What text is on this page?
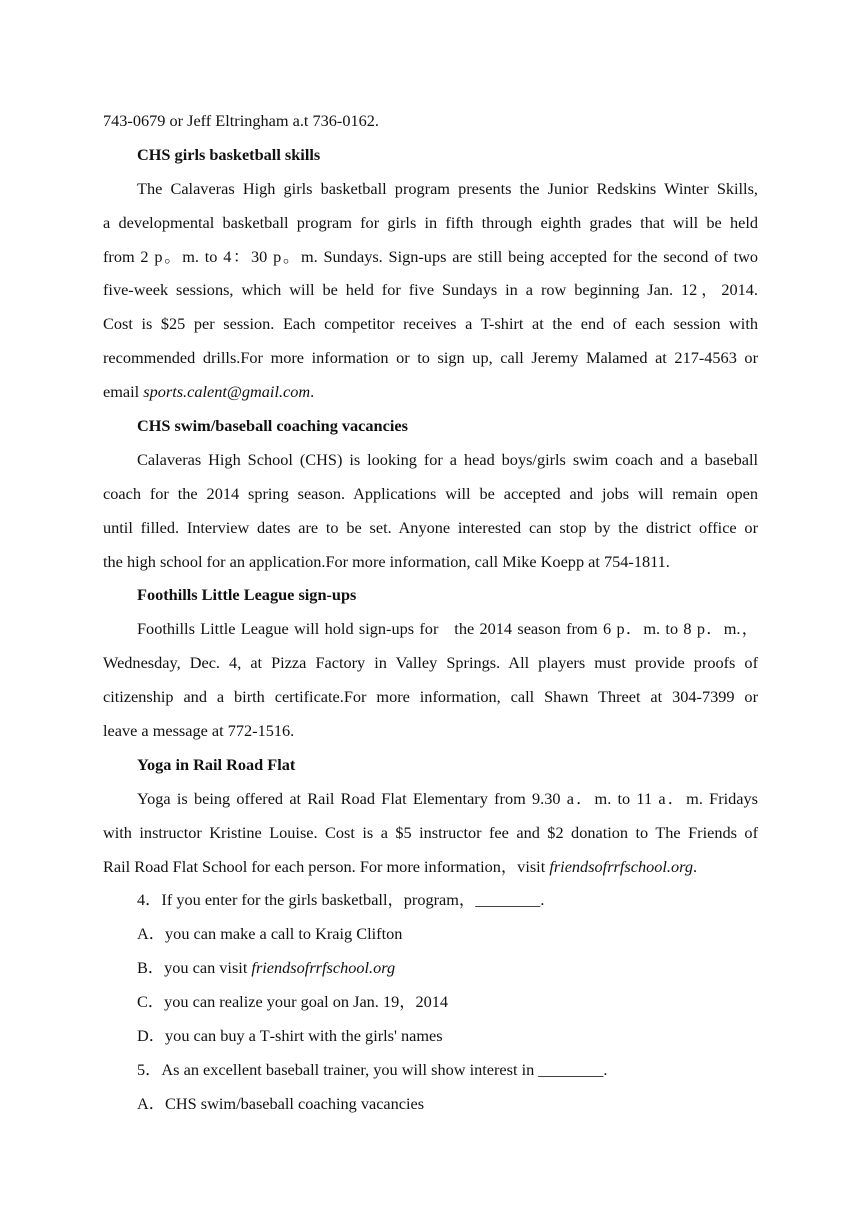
743-0679 or Jeff Eltringham a.t 736-0162.
CHS girls basketball skills
The Calaveras High girls basketball program presents the Junior Redskins Winter Skills,
a developmental basketball program for girls in fifth through eighth grades that will be held
from 2 p。m. to 4：30 p。m. Sundays. Sign-ups are still being accepted for the second of two
five-week sessions, which will be held for five Sundays in a row beginning Jan. 12，2014.
Cost is $25 per session. Each competitor receives a T-shirt at the end of each session with
recommended drills.For more information or to sign up, call Jeremy Malamed at 217-4563 or
email sports.calent@gmail.com.
CHS swim/baseball coaching vacancies
Calaveras High School (CHS) is looking for a head boys/girls swim coach and a baseball
coach for the 2014 spring season. Applications will be accepted and jobs will remain open
until filled. Interview dates are to be set. Anyone interested can stop by the district office or
the high school for an application.For more information, call Mike Koepp at 754-1811.
Foothills Little League sign‐ups
Foothills Little League will hold sign‐ups for   the 2014 season from 6 p．m. to 8 p．m.，
Wednesday, Dec. 4, at Pizza Factory in Valley Springs. All players must provide proofs of
citizenship and a birth certificate.For more information, call Shawn Threet at 304-7399 or
leave a message at 772-1516.
Yoga in Rail Road Flat
Yoga is being offered at Rail Road Flat Elementary from 9.30 a．m. to 11 a．m. Fridays
with instructor Kristine Louise. Cost is a $5 instructor fee and $2 donation to The Friends of
Rail Road Flat School for each person. For more information，visit friendsofrrfschool.org.
4．If you enter for the girls basketball，program，________.
A．you can make a call to Kraig Clifton
B．you can visit friendsofrrfschool.org
C．you can realize your goal on Jan. 19，2014
D．you can buy a T‐shirt with the girls' names
5．As an excellent baseball trainer, you will show interest in ________.
A．CHS swim/baseball coaching vacancies
